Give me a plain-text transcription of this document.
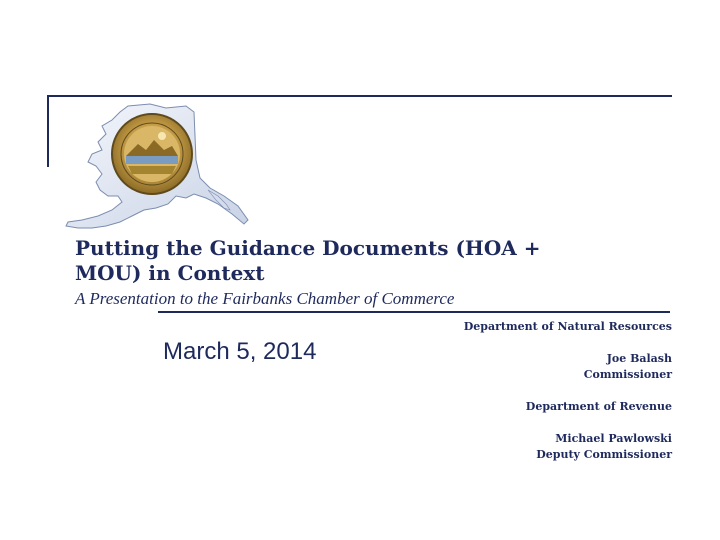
Putting the Guidance Documents (HOA +
MOU) in Context

A Presentation to the Fairbanks Chamber of Commerce

March 5, 2014

Department of Natural Resources
Joe Balash
Commissioner
Department of Revenue
Michael Pawlowski
Deputy Commissioner
